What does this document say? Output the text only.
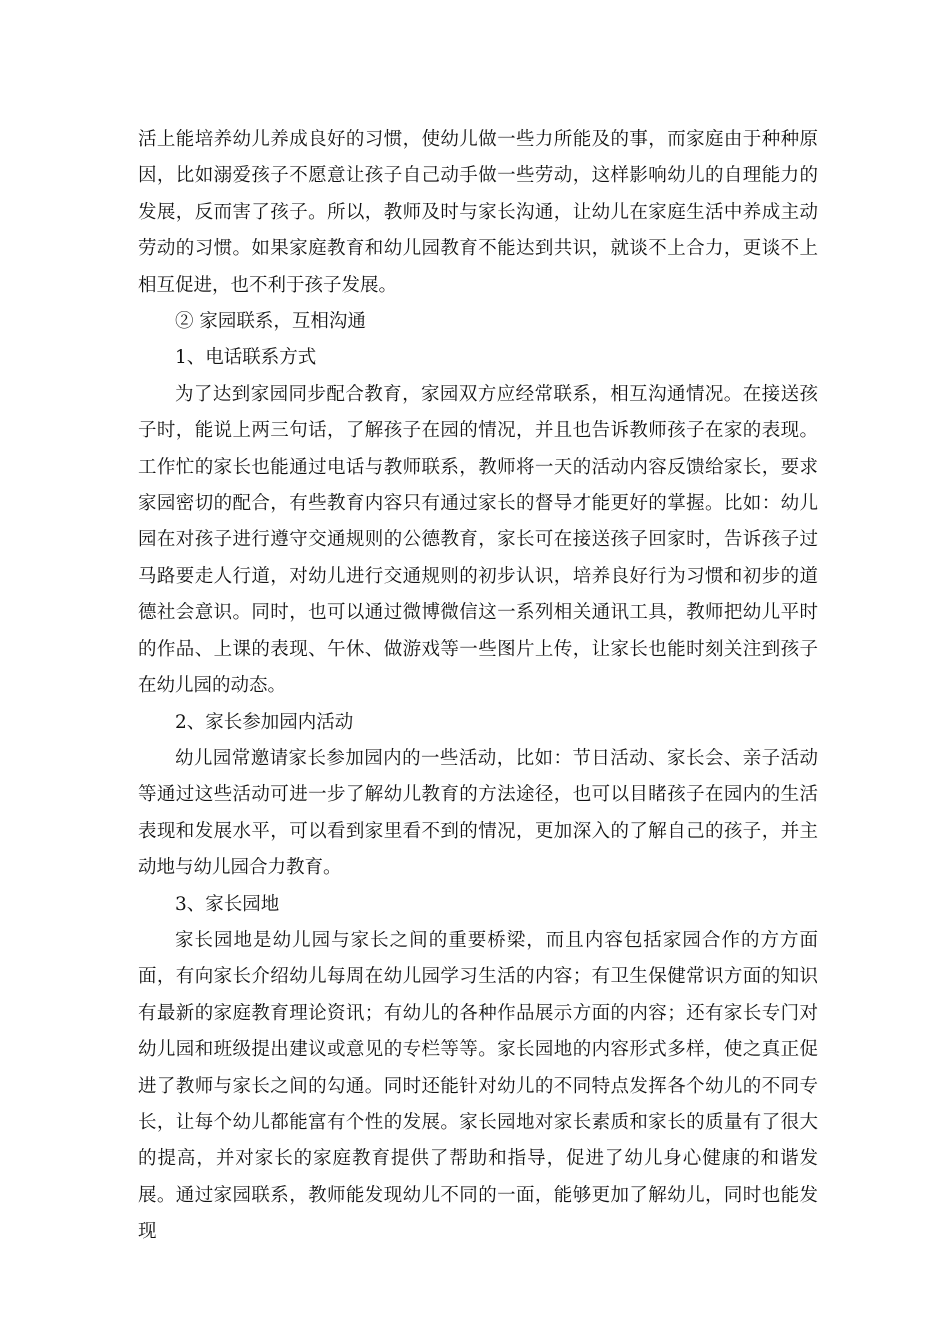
活上能培养幼儿养成良好的习惯，使幼儿做一些力所能及的事，而家庭由于种种原因，比如溺爱孩子不愿意让孩子自己动手做一些劳动，这样影响幼儿的自理能力的发展，反而害了孩子。所以，教师及时与家长沟通，让幼儿在家庭生活中养成主动劳动的习惯。如果家庭教育和幼儿园教育不能达到共识，就谈不上合力，更谈不上相互促进，也不利于孩子发展。

② 家园联系，互相沟通

1、电话联系方式

为了达到家园同步配合教育，家园双方应经常联系，相互沟通情况。在接送孩子时，能说上两三句话，了解孩子在园的情况，并且也告诉教师孩子在家的表现。工作忙的家长也能通过电话与教师联系，教师将一天的活动内容反馈给家长，要求家园密切的配合，有些教育内容只有通过家长的督导才能更好的掌握。比如：幼儿园在对孩子进行遵守交通规则的公德教育，家长可在接送孩子回家时，告诉孩子过马路要走人行道，对幼儿进行交通规则的初步认识，培养良好行为习惯和初步的道德社会意识。同时，也可以通过微博微信这一系列相关通讯工具，教师把幼儿平时的作品、上课的表现、午休、做游戏等一些图片上传，让家长也能时刻关注到孩子在幼儿园的动态。

2、家长参加园内活动

幼儿园常邀请家长参加园内的一些活动，比如：节日活动、家长会、亲子活动等通过这些活动可进一步了解幼儿教育的方法途径，也可以目睹孩子在园内的生活表现和发展水平，可以看到家里看不到的情况，更加深入的了解自己的孩子，并主动地与幼儿园合力教育。

3、家长园地

家长园地是幼儿园与家长之间的重要桥梁，而且内容包括家园合作的方方面面，有向家长介绍幼儿每周在幼儿园学习生活的内容；有卫生保健常识方面的知识有最新的家庭教育理论资讯；有幼儿的各种作品展示方面的内容；还有家长专门对幼儿园和班级提出建议或意见的专栏等等。家长园地的内容形式多样，使之真正促进了教师与家长之间的勾通。同时还能针对幼儿的不同特点发挥各个幼儿的不同专长，让每个幼儿都能富有个性的发展。家长园地对家长素质和家长的质量有了很大的提高，并对家长的家庭教育提供了帮助和指导，促进了幼儿身心健康的和谐发展。通过家园联系，教师能发现幼儿不同的一面，能够更加了解幼儿，同时也能发现
